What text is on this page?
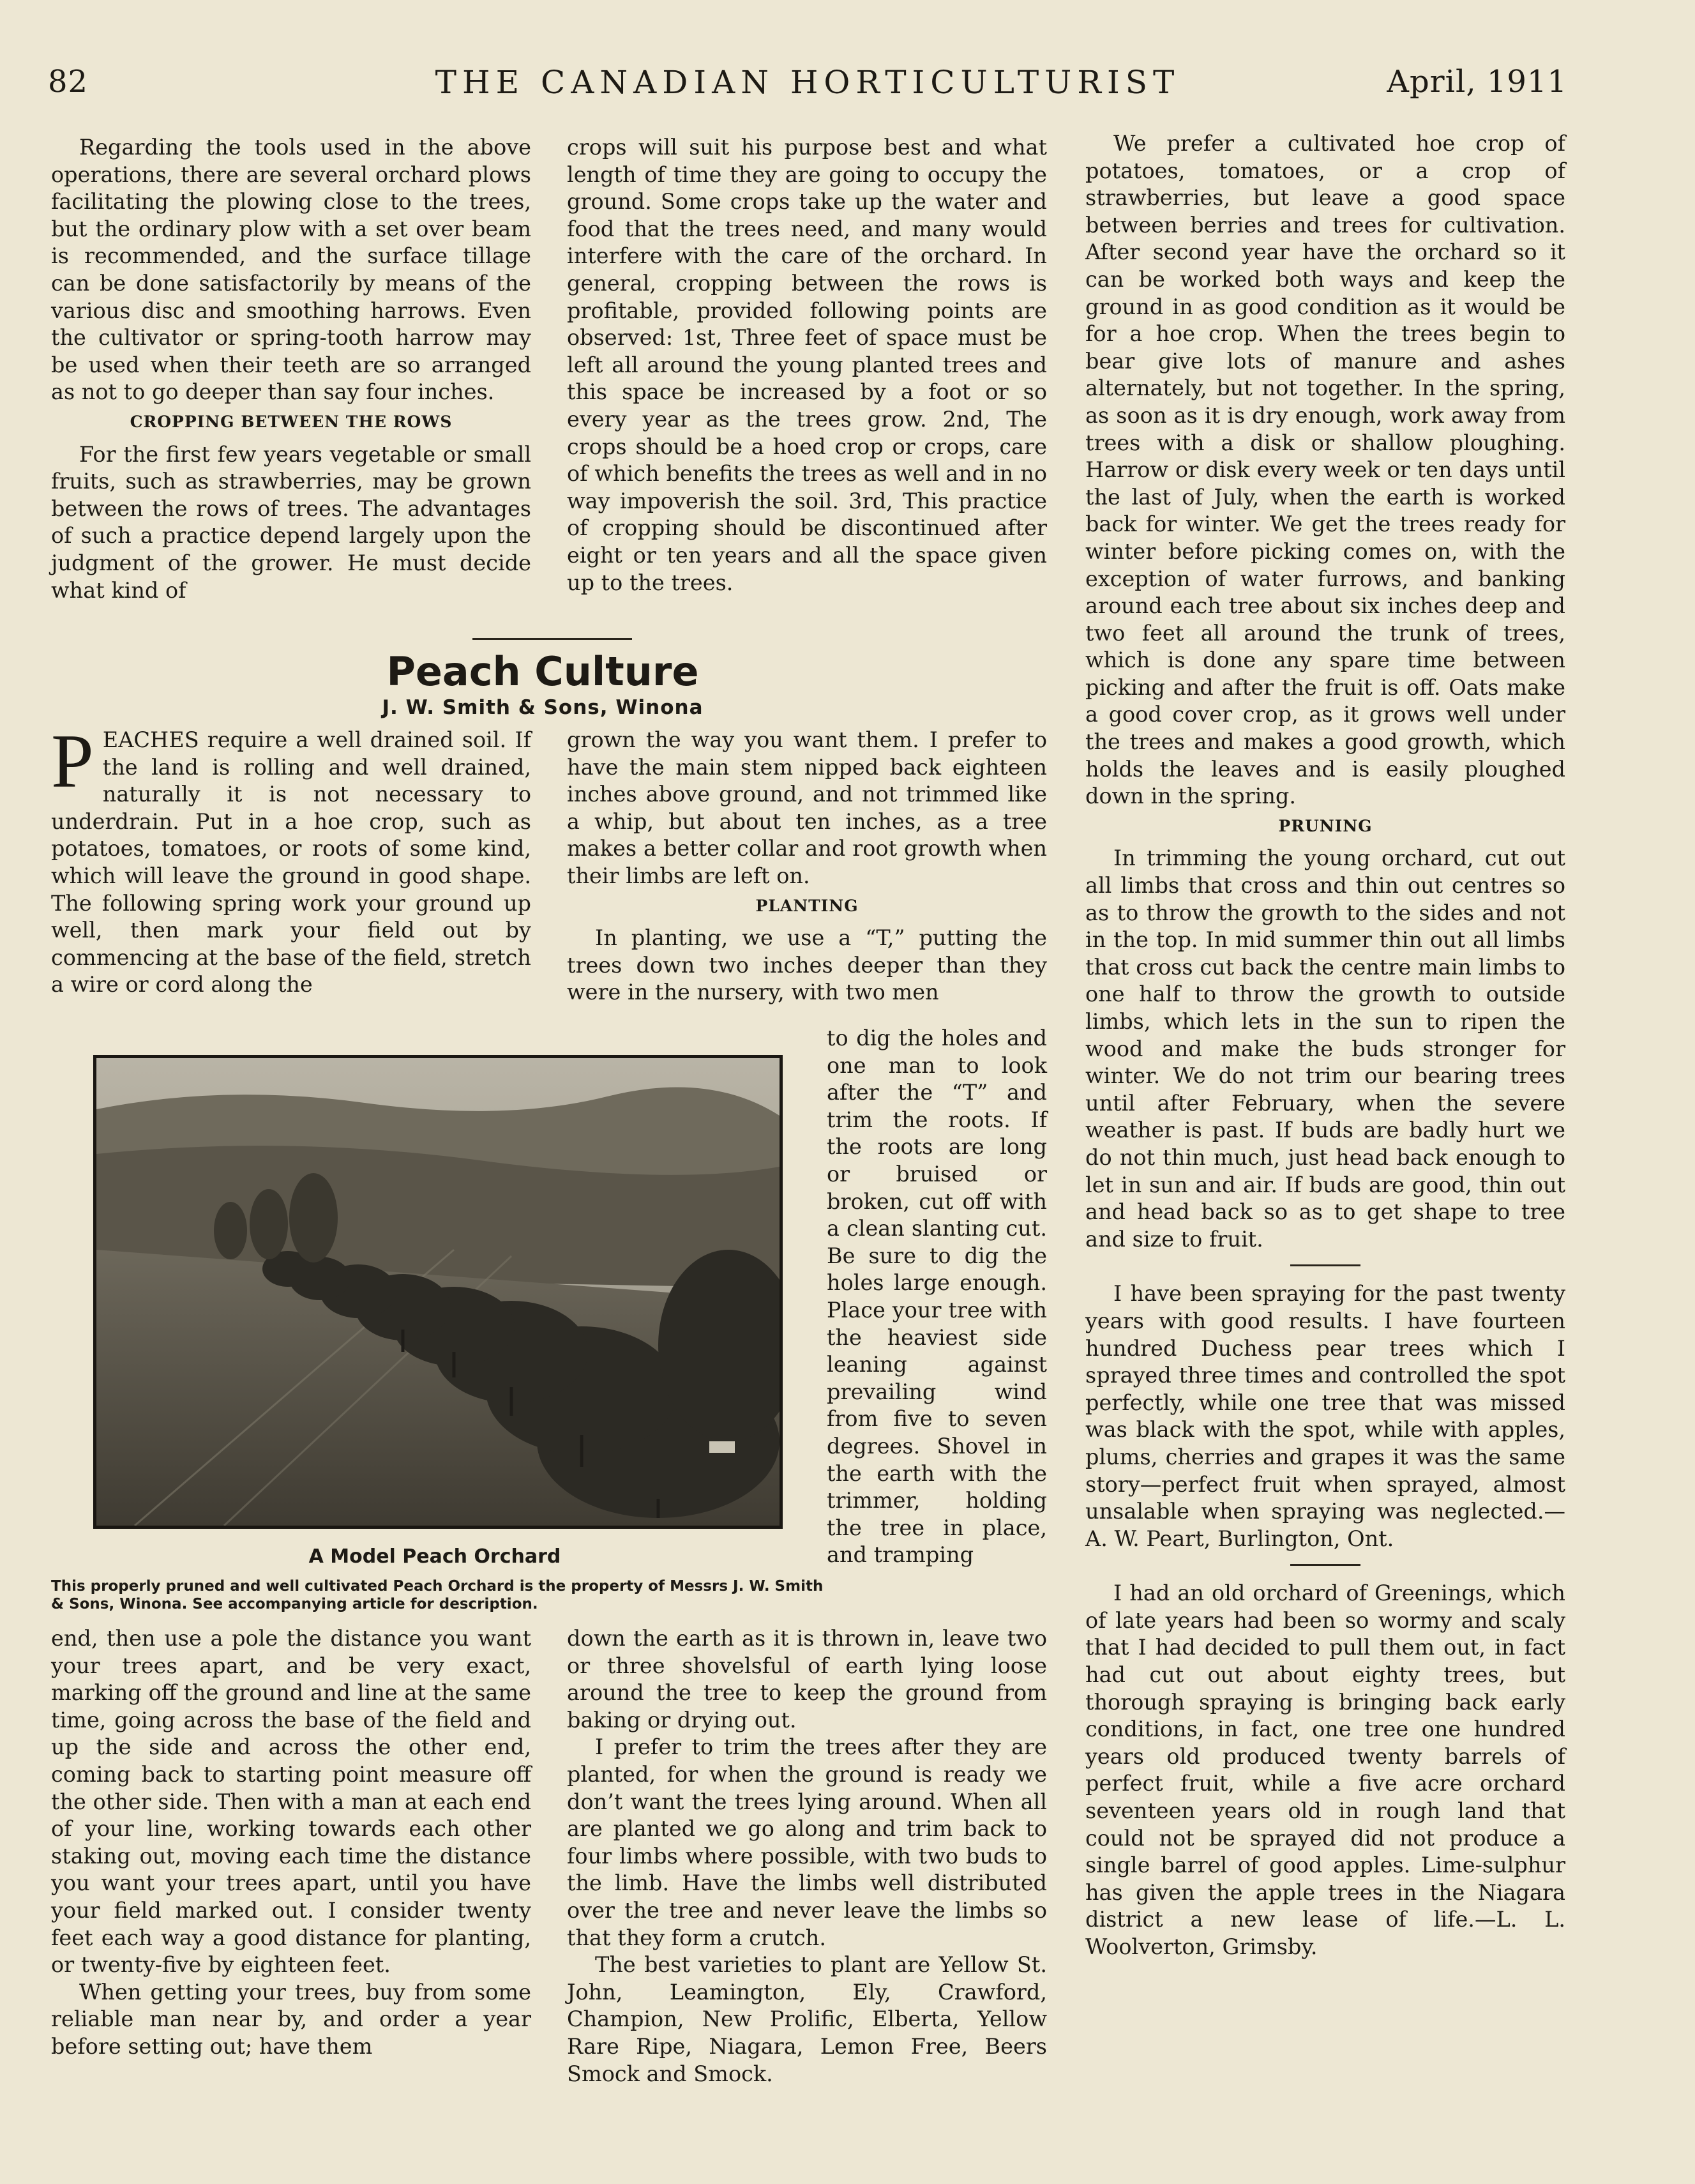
82	THE CANADIAN HORTICULTURIST	April, 1911

Regarding the tools used in the above operations, there are several orchard plows facilitating the plowing close to the trees, but the ordinary plow with a set over beam is recommended, and the surface tillage can be done satisfactorily by means of the various disc and smoothing harrows. Even the cultivator or spring-tooth harrow may be used when their teeth are so arranged as not to go deeper than say four inches.

CROPPING BETWEEN THE ROWS

For the first few years vegetable or small fruits, such as strawberries, may be grown between the rows of trees. The advantages of such a practice depend largely upon the judgment of the grower. He must decide what kind of

crops will suit his purpose best and what length of time they are going to occupy the ground. Some crops take up the water and food that the trees need, and many would interfere with the care of the orchard. In general, cropping between the rows is profitable, provided following points are observed: 1st, Three feet of space must be left all around the young planted trees and this space be increased by a foot or so every year as the trees grow. 2nd, The crops should be a hoed crop or crops, care of which benefits the trees as well and in no way impoverish the soil. 3rd, This practice of cropping should be discontinued after eight or ten years and all the space given up to the trees.

Peach Culture
J. W. Smith & Sons, Winona
P EACHES require a well drained soil. If the land is rolling and well drained, naturally it is not necessary to underdrain. Put in a hoe crop, such as potatoes, tomatoes, or roots of some kind, which will leave the ground in good shape. The following spring work your ground up well, then mark your field out by commencing at the base of the field, stretch a wire or cord along the

grown the way you want them. I prefer to have the main stem nipped back eighteen inches above ground, and not trimmed like a whip, but about ten inches, as a tree makes a better collar and root growth when their limbs are left on.

PLANTING

In planting, we use a “T,” putting the trees down two inches deeper than they were in the nursery, with two men

to dig the holes and one man to look after the “T” and trim the roots. If the roots are long or bruised or broken, cut off with a clean slanting cut. Be sure to dig the holes large enough. Place your tree with the heaviest side leaning against prevailing wind from five to seven degrees. Shovel in the earth with the trimmer, holding the tree in place, and tramping

A Model Peach Orchard
This properly pruned and well cultivated Peach Orchard is the property of Messrs J. W. Smith & Sons, Winona. See accompanying article for description.

end, then use a pole the distance you want your trees apart, and be very exact, marking off the ground and line at the same time, going across the base of the field and up the side and across the other end, coming back to starting point measure off the other side. Then with a man at each end of your line, working towards each other staking out, moving each time the distance you want your trees apart, until you have your field marked out. I consider twenty feet each way a good distance for planting, or twenty-five by eighteen feet.

When getting your trees, buy from some reliable man near by, and order a year before setting out; have them

down the earth as it is thrown in, leave two or three shovelsful of earth lying loose around the tree to keep the ground from baking or drying out.

I prefer to trim the trees after they are planted, for when the ground is ready we don’t want the trees lying around. When all are planted we go along and trim back to four limbs where possible, with two buds to the limb. Have the limbs well distributed over the tree and never leave the limbs so that they form a crutch.

The best varieties to plant are Yellow St. John, Leamington, Ely, Crawford, Champion, New Prolific, Elberta, Yellow Rare Ripe, Niagara, Lemon Free, Beers Smock and Smock.

We prefer a cultivated hoe crop of potatoes, tomatoes, or a crop of strawberries, but leave a good space between berries and trees for cultivation. After second year have the orchard so it can be worked both ways and keep the ground in as good condition as it would be for a hoe crop. When the trees begin to bear give lots of manure and ashes alternately, but not together. In the spring, as soon as it is dry enough, work away from trees with a disk or shallow ploughing. Harrow or disk every week or ten days until the last of July, when the earth is worked back for winter. We get the trees ready for winter before picking comes on, with the exception of water furrows, and banking around each tree about six inches deep and two feet all around the trunk of trees, which is done any spare time between picking and after the fruit is off. Oats make a good cover crop, as it grows well under the trees and makes a good growth, which holds the leaves and is easily ploughed down in the spring.

PRUNING

In trimming the young orchard, cut out all limbs that cross and thin out centres so as to throw the growth to the sides and not in the top. In mid summer thin out all limbs that cross cut back the centre main limbs to one half to throw the growth to outside limbs, which lets in the sun to ripen the wood and make the buds stronger for winter. We do not trim our bearing trees until after February, when the severe weather is past. If buds are badly hurt we do not thin much, just head back enough to let in sun and air. If buds are good, thin out and head back so as to get shape to tree and size to fruit.

I have been spraying for the past twenty years with good results. I have fourteen hundred Duchess pear trees which I sprayed three times and controlled the spot perfectly, while one tree that was missed was black with the spot, while with apples, plums, cherries and grapes it was the same story—perfect fruit when sprayed, almost unsalable when spraying was neglected.—A. W. Peart, Burlington, Ont.

I had an old orchard of Greenings, which of late years had been so wormy and scaly that I had decided to pull them out, in fact had cut out about eighty trees, but thorough spraying is bringing back early conditions, in fact, one tree one hundred years old produced twenty barrels of perfect fruit, while a five acre orchard seventeen years old in rough land that could not be sprayed did not produce a single barrel of good apples. Lime-sulphur has given the apple trees in the Niagara district a new lease of life.—L. L. Woolverton, Grimsby.
